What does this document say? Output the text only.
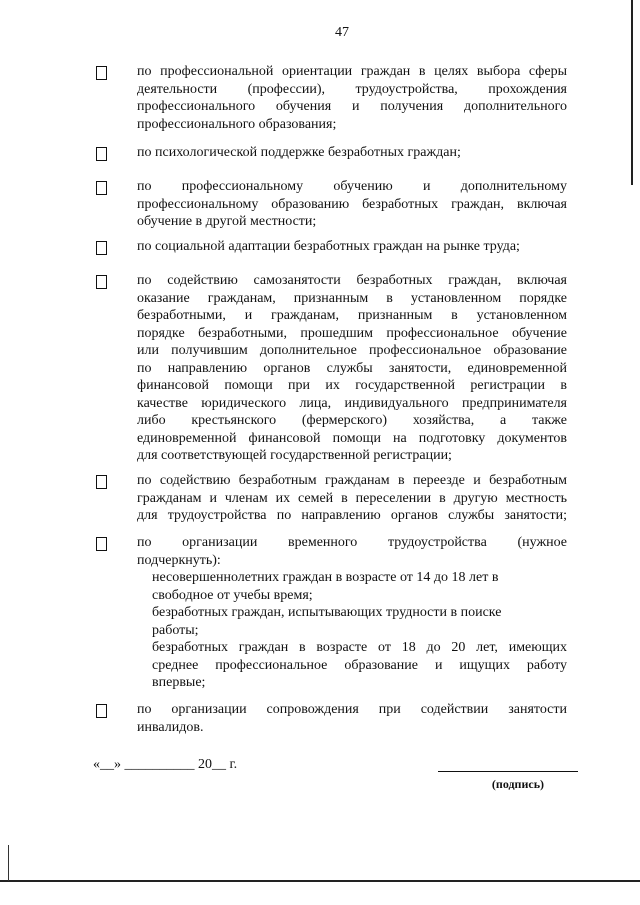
47
по профессиональной ориентации граждан в целях выбора сферы
деятельности (профессии), трудоустройства, прохождения
профессионального обучения и получения дополнительного
профессионального образования;
по психологической поддержке безработных граждан;
по профессиональному обучению и дополнительному
профессиональному образованию безработных граждан, включая
обучение в другой местности;
по социальной адаптации безработных граждан на рынке труда;
по содействию самозанятости безработных граждан, включая
оказание гражданам, признанным в установленном порядке
безработными, и гражданам, признанным в установленном
порядке безработными, прошедшим профессиональное обучение
или получившим дополнительное профессиональное образование
по направлению органов службы занятости, единовременной
финансовой помощи при их государственной регистрации в
качестве юридического лица, индивидуального предпринимателя
либо крестьянского (фермерского) хозяйства, а также
единовременной финансовой помощи на подготовку документов
для соответствующей государственной регистрации;
по содействию безработным гражданам в переезде и безработным
гражданам и членам их семей в переселении в другую местность
для трудоустройства по направлению органов службы занятости;
по организации временного трудоустройства (нужное
подчеркнуть):
несовершеннолетних граждан в возрасте от 14 до 18 лет в
свободное от учебы время;
безработных граждан, испытывающих трудности в поиске
работы;
безработных граждан в возрасте от 18 до 20 лет, имеющих
среднее профессиональное образование и ищущих работу
впервые;
по организации сопровождения при содействии занятости
инвалидов.
«__» __________ 20__ г.
(подпись)
